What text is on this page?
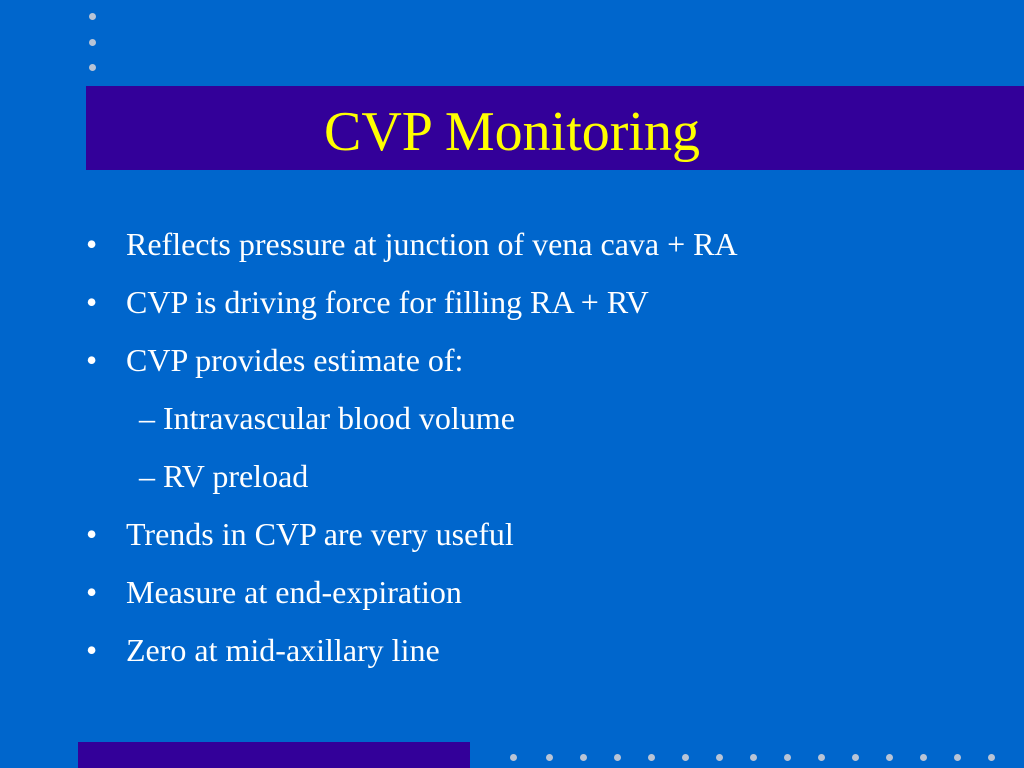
CVP Monitoring
• Reflects pressure at junction of vena cava + RA
• CVP is driving force for filling RA + RV
• CVP provides estimate of:
– Intravascular blood volume
– RV preload
• Trends in CVP are very useful
• Measure at end-expiration
• Zero at mid-axillary line
